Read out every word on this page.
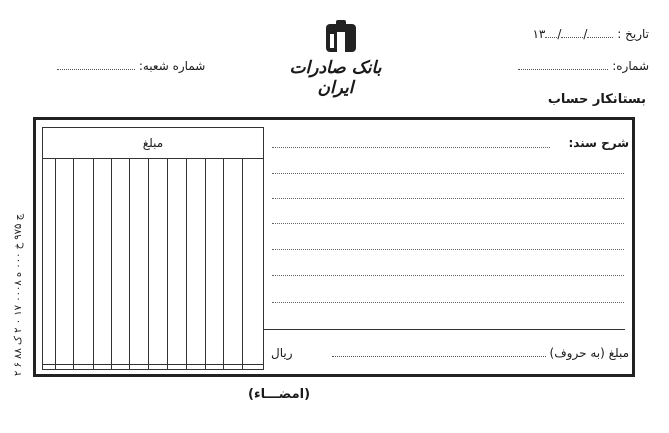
تاریخ : //۱۳
شماره:
شماره شعبه:	بانک صادرات ایران
بستانکار حساب
مبلغ	شرح سند:
مبلغ (به حروف)
ریال
(امضـــاء)
چ ۹۷۵ خ ۰۰۰ ه ۰۰۰۸ ۱۷ ۰ ۲ ک ۸۸ ۶ ۲
